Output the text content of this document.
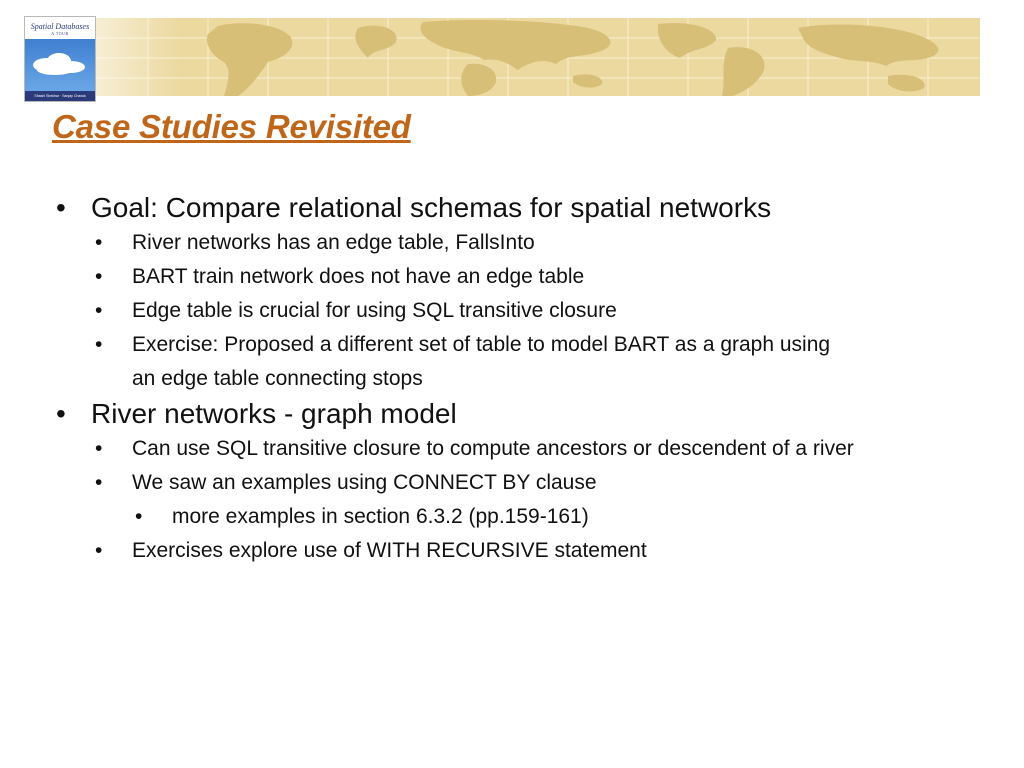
Spatial Databases
A TOUR
Shashi Shekhar · Sanjay Chawla
Case Studies Revisited
• Goal: Compare relational schemas for spatial networks
• River networks has an edge table, FallsInto
• BART train network does not have an edge table
• Edge table is crucial for using SQL transitive closure
• Exercise: Proposed a different set of table to model BART as a graph using
an edge table connecting stops
• River networks - graph model
• Can use SQL transitive closure to compute ancestors or descendent of a river
• We saw an examples using CONNECT BY clause
• more examples in section 6.3.2 (pp.159-161)
• Exercises explore use of WITH RECURSIVE statement
